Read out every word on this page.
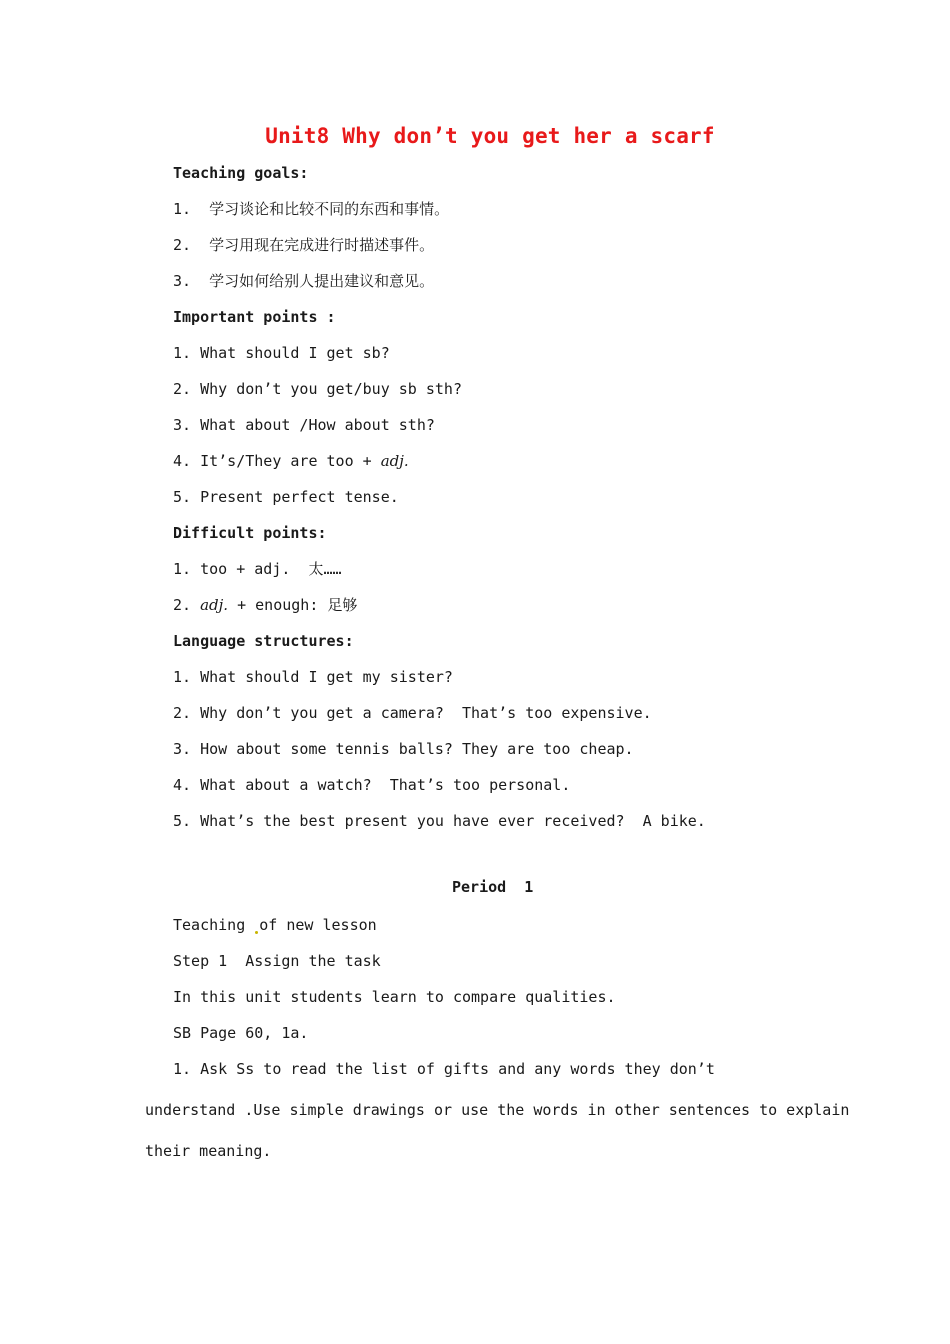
Unit8 Why don’t you get her a scarf
Teaching goals:
1.  学习谈论和比较不同的东西和事情。
2.  学习用现在完成进行时描述事件。
3.  学习如何给别人提出建议和意见。
Important points :
1. What should I get sb?
2. Why don’t you get/buy sb sth?
3. What about /How about sth?
4. It’s/They are too + adj.
5. Present perfect tense.
Difficult points:
1. too + adj.  太……
2. adj. + enough: 足够
Language structures:
1. What should I get my sister?
2. Why don’t you get a camera?  That’s too expensive.
3. How about some tennis balls? They are too cheap.
4. What about a watch?  That’s too personal.
5. What’s the best present you have ever received?  A bike.
Period  1
Teaching of new lesson
Step 1  Assign the task
In this unit students learn to compare qualities.
SB Page 60, 1a.
1. Ask Ss to read the list of gifts and any words they don’t
understand .Use simple drawings or use the words in other sentences to explain
their meaning.
